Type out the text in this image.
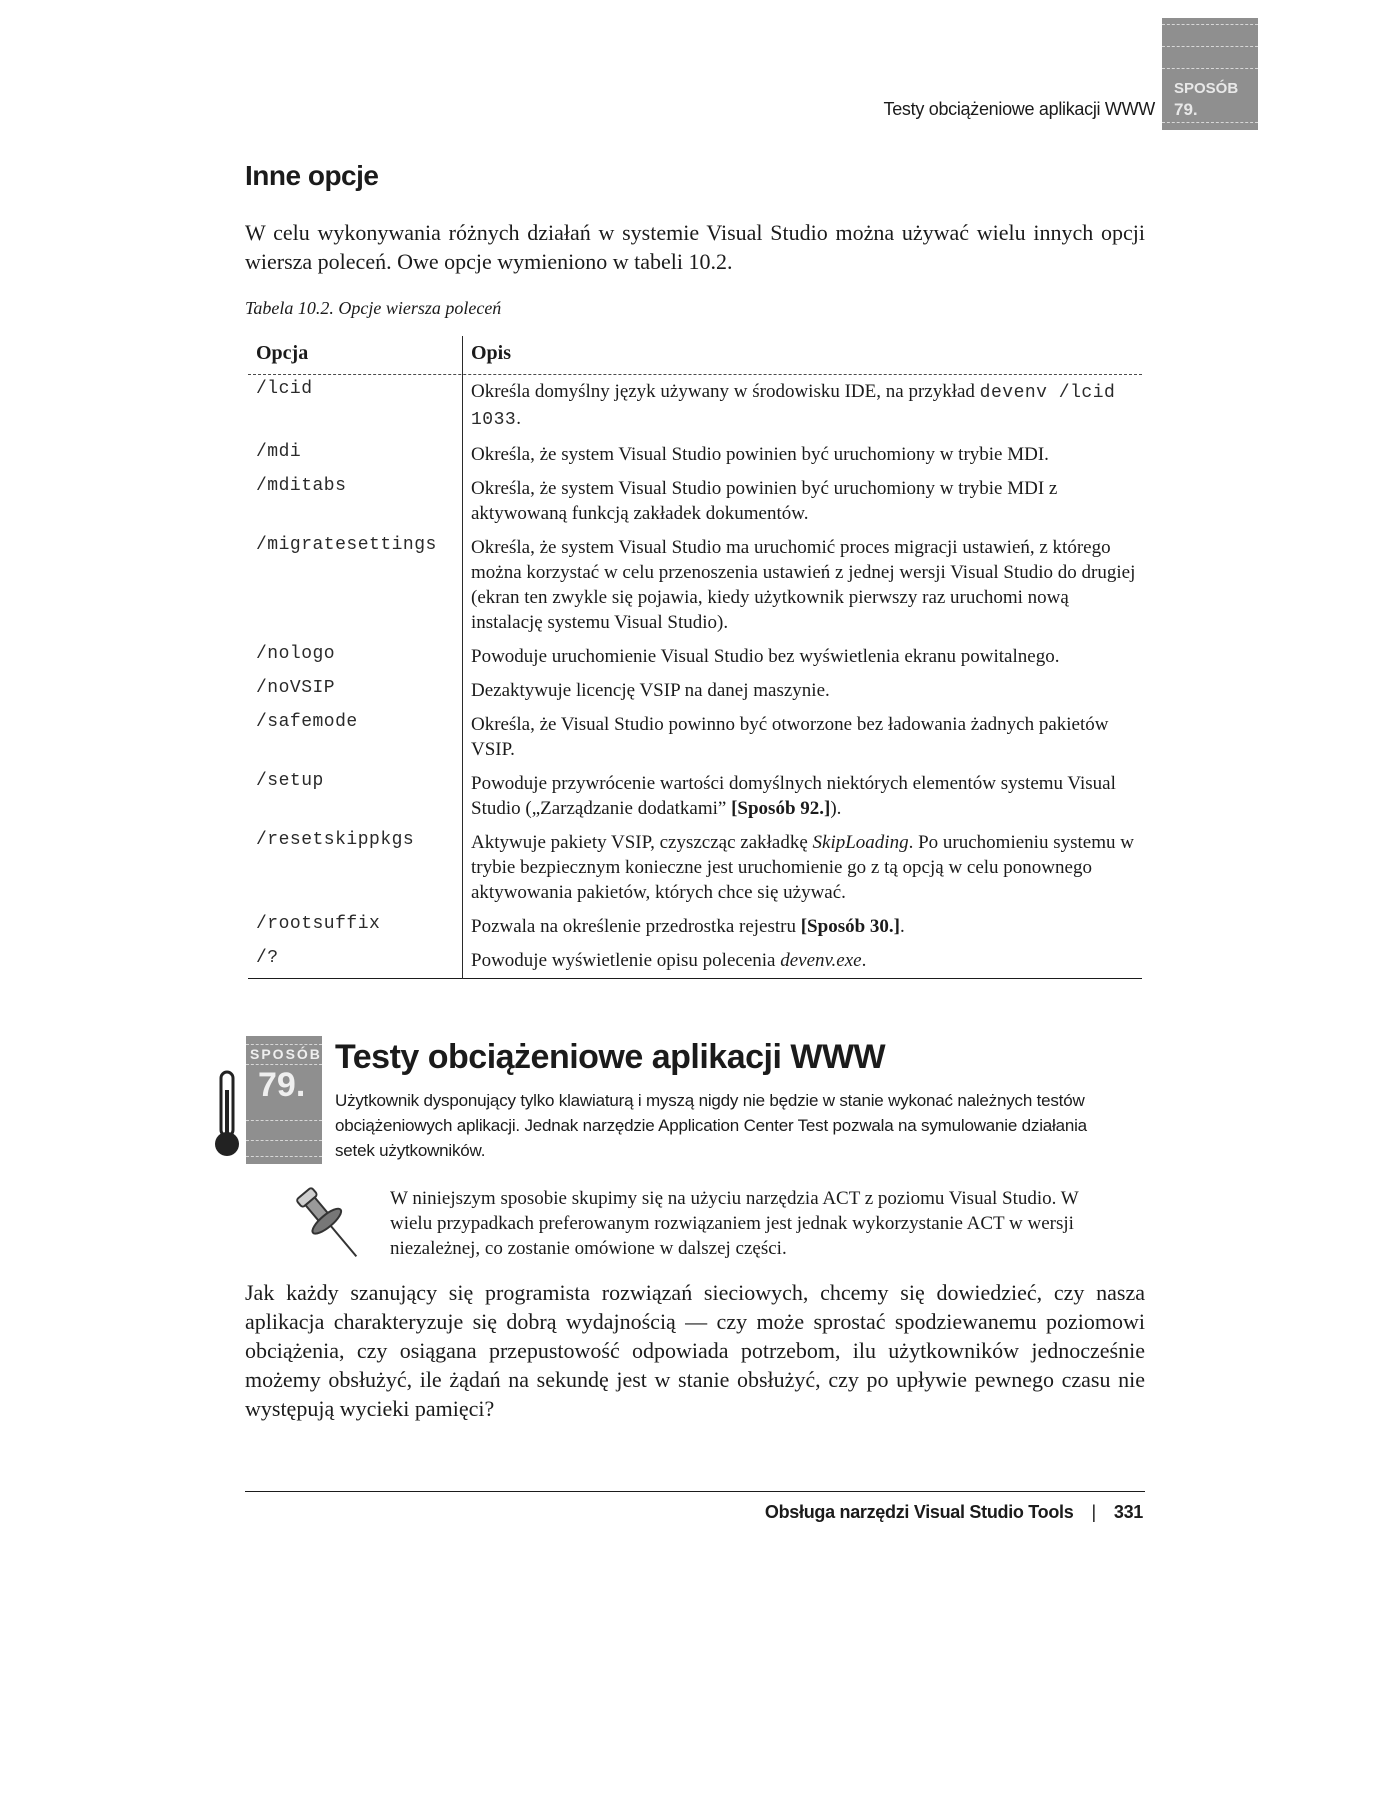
Testy obciążeniowe aplikacji WWW
SPOSÓB
79.
Inne opcje

W celu wykonywania różnych działań w systemie Visual Studio można używać wielu innych opcji wiersza poleceń. Owe opcje wymieniono w tabeli 10.2.

Tabela 10.2. Opcje wiersza poleceń
Opcja	Opis
/lcid	Określa domyślny język używany w środowisku IDE, na przykład devenv /lcid 1033.
/mdi	Określa, że system Visual Studio powinien być uruchomiony w trybie MDI.
/mditabs	Określa, że system Visual Studio powinien być uruchomiony w trybie MDI z aktywowaną funkcją zakładek dokumentów.
/migratesettings Określa, że system Visual Studio ma uruchomić proces migracji ustawień, z którego można korzystać w celu przenoszenia ustawień z jednej wersji Visual Studio do drugiej (ekran ten zwykle się pojawia, kiedy użytkownik pierwszy raz uruchomi nową instalację systemu Visual Studio).
/nologo	Powoduje uruchomienie Visual Studio bez wyświetlenia ekranu powitalnego.
/noVSIP	Dezaktywuje licencję VSIP na danej maszynie.
/safemode	Określa, że Visual Studio powinno być otworzone bez ładowania żadnych pakietów VSIP.
/setup	Powoduje przywrócenie wartości domyślnych niektórych elementów systemu Visual Studio („Zarządzanie dodatkami” [Sposób 92.]).
/resetskippkgs	Aktywuje pakiety VSIP, czyszcząc zakładkę SkipLoading. Po uruchomieniu systemu w trybie bezpiecznym konieczne jest uruchomienie go z tą opcją w celu ponownego aktywowania pakietów, których chce się używać.
/rootsuffix	Pozwala na określenie przedrostka rejestru [Sposób 30.].
/?	Powoduje wyświetlenie opisu polecenia devenv.exe.
SPOSÓB
79.
Testy obciążeniowe aplikacji WWW

Użytkownik dysponujący tylko klawiaturą i myszą nigdy nie będzie w stanie wykonać należnych testów obciążeniowych aplikacji. Jednak narzędzie Application Center Test pozwala na symulowanie działania setek użytkowników.

W niniejszym sposobie skupimy się na użyciu narzędzia ACT z poziomu Visual Studio. W wielu przypadkach preferowanym rozwiązaniem jest jednak wykorzystanie ACT w wersji niezależnej, co zostanie omówione w dalszej części.

Jak każdy szanujący się programista rozwiązań sieciowych, chcemy się dowiedzieć, czy nasza aplikacja charakteryzuje się dobrą wydajnością — czy może sprostać spodziewanemu poziomowi obciążenia, czy osiągana przepustowość odpowiada potrzebom, ilu użytkowników jednocześnie możemy obsłużyć, ile żądań na sekundę jest w stanie obsłużyć, czy po upływie pewnego czasu nie występują wycieki pamięci?

Obsługa narzędzi Visual Studio Tools | 331
